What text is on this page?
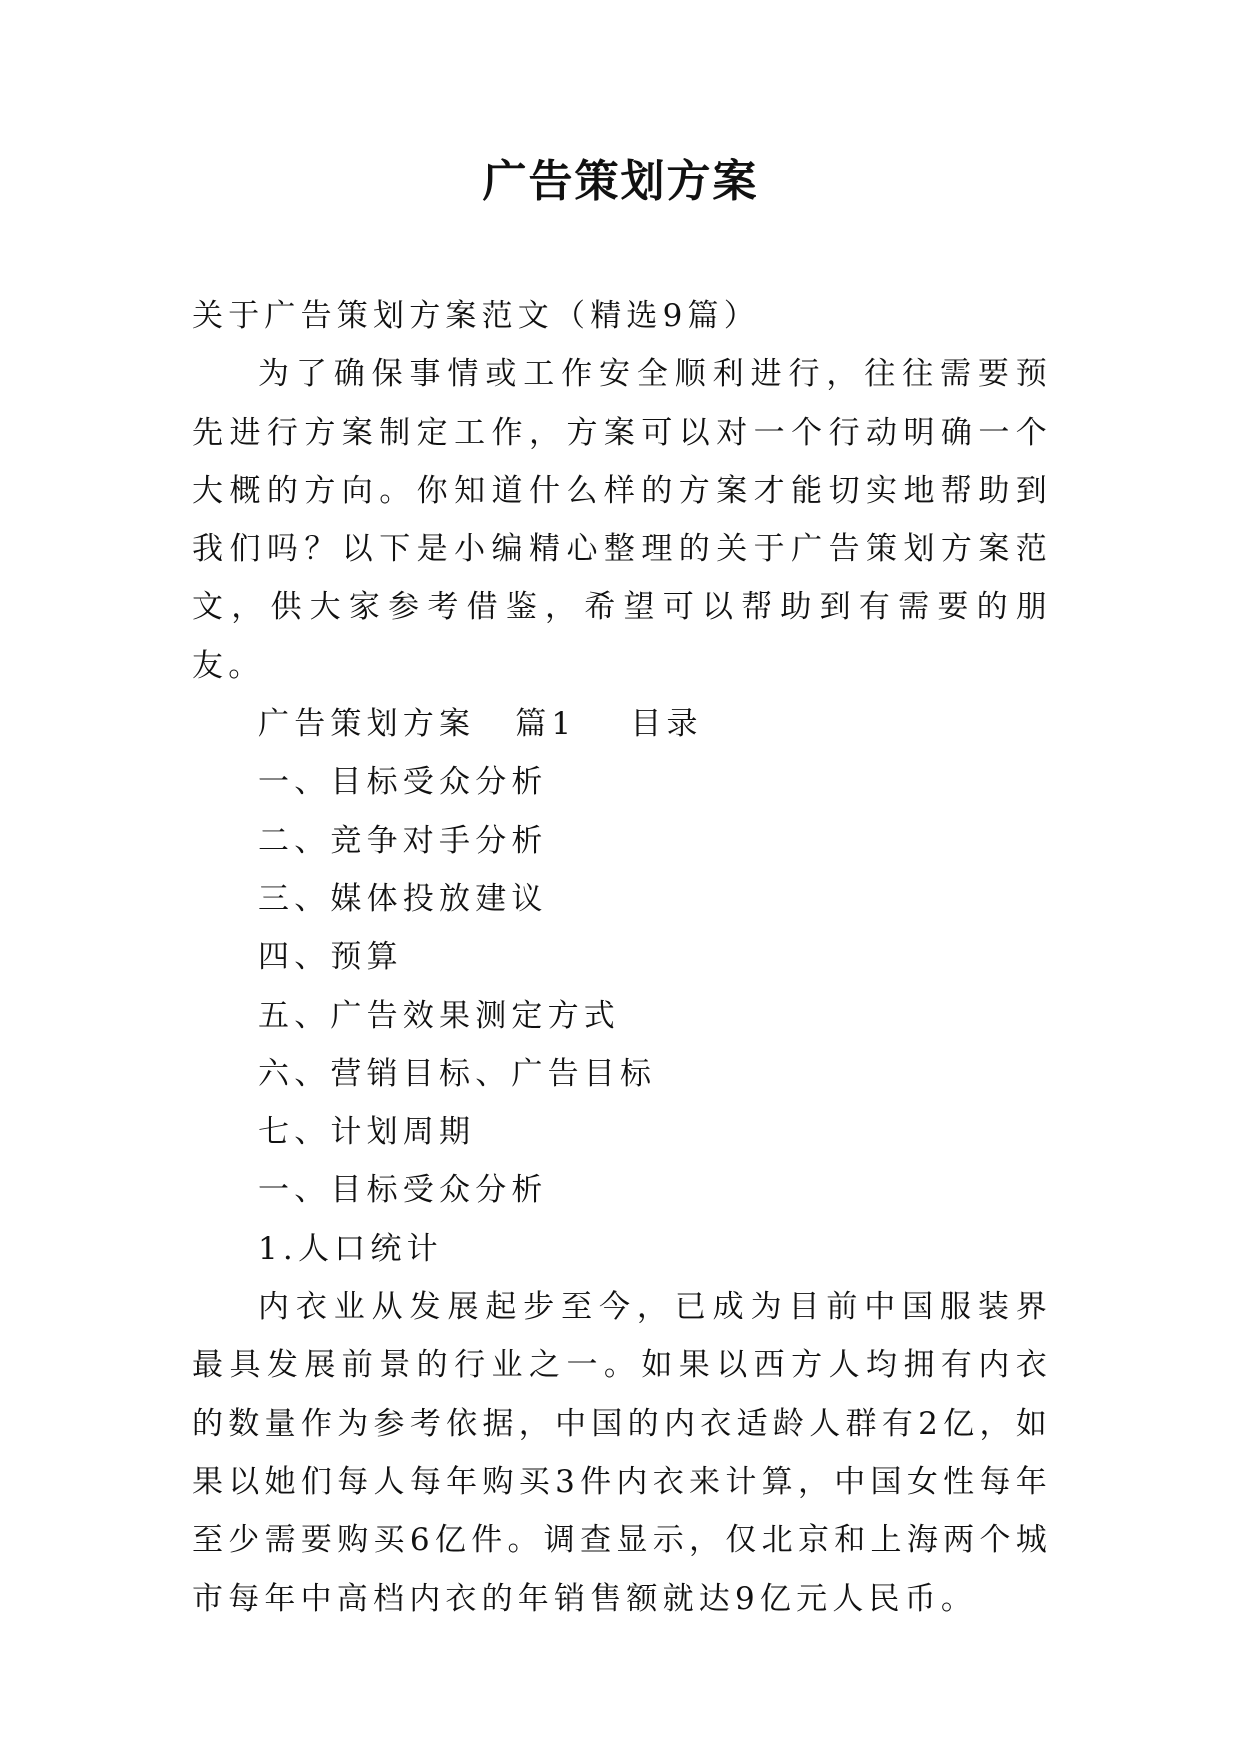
广告策划方案

关于广告策划方案范文（精选9篇）

为了确保事情或工作安全顺利进行，往往需要预先进行方案制定工作，方案可以对一个行动明确一个大概的方向。你知道什么样的方案才能切实地帮助到我们吗？以下是小编精心整理的关于广告策划方案范文，供大家参考借鉴，希望可以帮助到有需要的朋友。

广告策划方案 篇1 目录

一、目标受众分析

二、竞争对手分析

三、媒体投放建议

四、预算

五、广告效果测定方式

六、营销目标、广告目标

七、计划周期

一、目标受众分析

1.人口统计

内衣业从发展起步至今，已成为目前中国服装界最具发展前景的行业之一。如果以西方人均拥有内衣的数量作为参考依据，中国的内衣适龄人群有2亿，如果以她们每人每年购买3件内衣来计算，中国女性每年至少需要购买6亿件。调查显示，仅北京和上海两个城市每年中高档内衣的年销售额就达9亿元人民币。
